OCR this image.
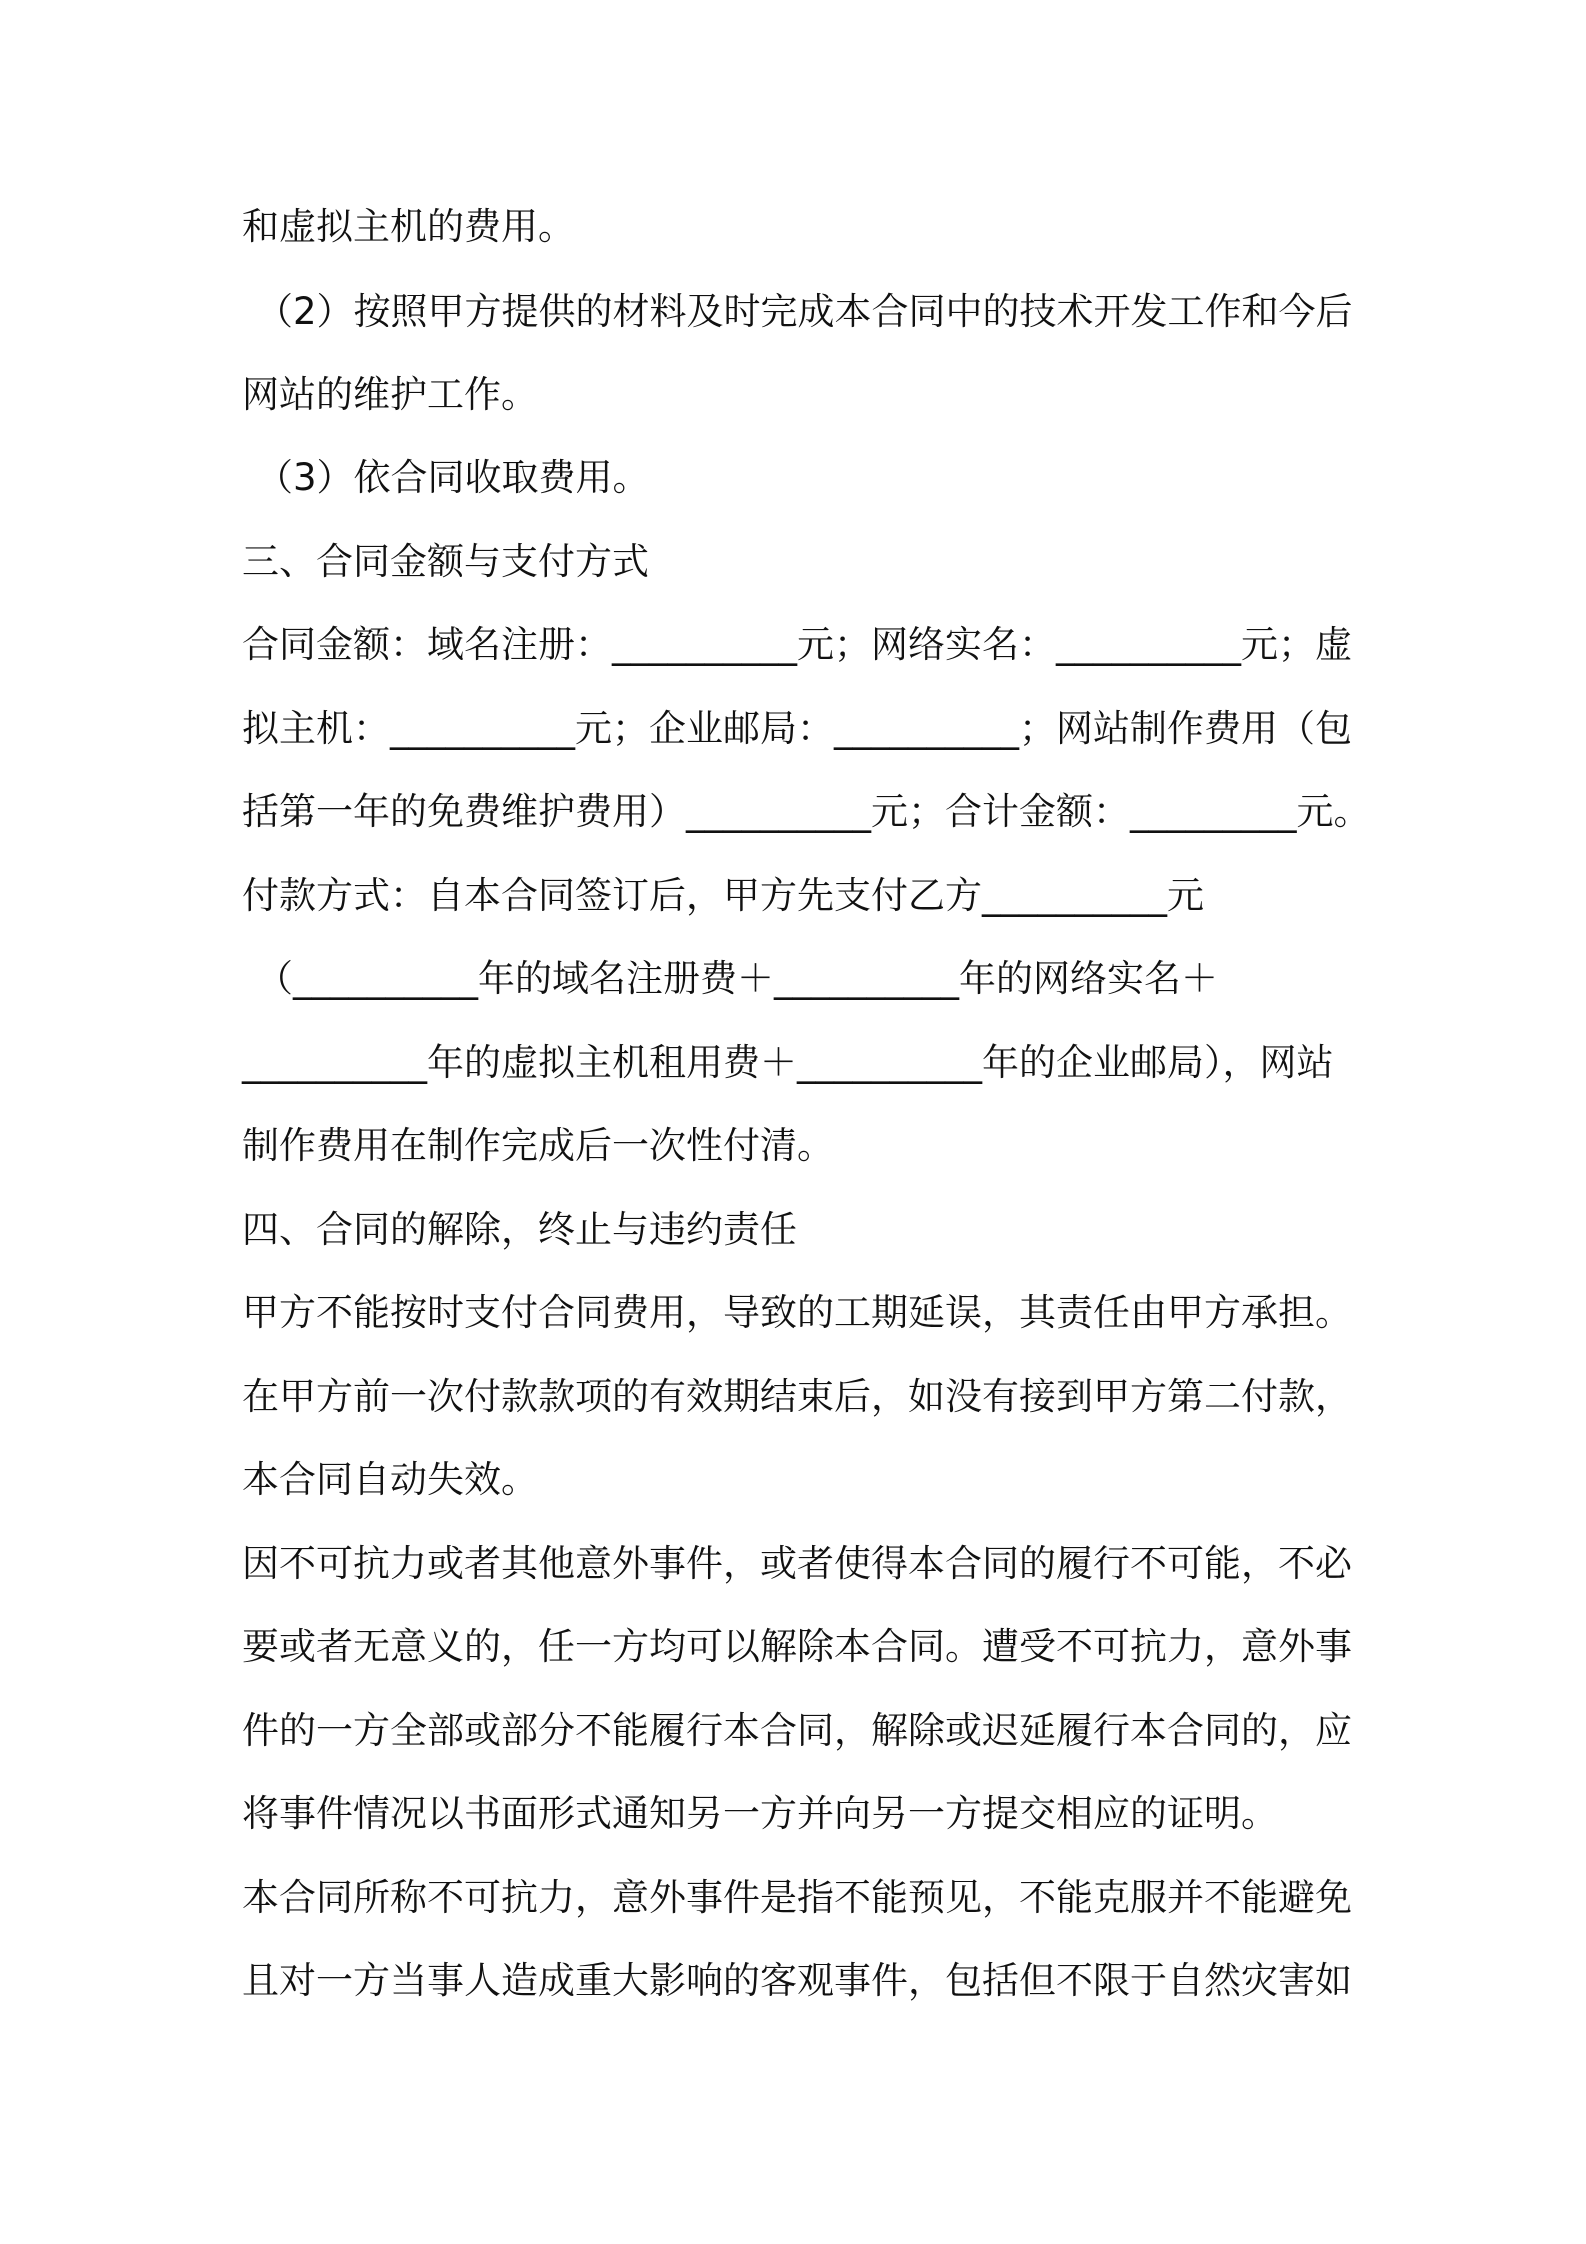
和虚拟主机的费用。
（2）按照甲方提供的材料及时完成本合同中的技术开发工作和今后
网站的维护工作。
（3）依合同收取费用。
三、合同金额与支付方式
合同金额：域名注册：__________元；网络实名：__________元；虚
拟主机：__________元；企业邮局：__________；网站制作费用（包
括第一年的免费维护费用）__________元；合计金额：_________元。
付款方式：自本合同签订后，甲方先支付乙方__________元
（__________年的域名注册费＋__________年的网络实名＋
__________年的虚拟主机租用费＋__________年的企业邮局），网站
制作费用在制作完成后一次性付清。
四、合同的解除，终止与违约责任
甲方不能按时支付合同费用，导致的工期延误，其责任由甲方承担。
在甲方前一次付款款项的有效期结束后，如没有接到甲方第二付款，
本合同自动失效。
因不可抗力或者其他意外事件，或者使得本合同的履行不可能，不必
要或者无意义的，任一方均可以解除本合同。遭受不可抗力，意外事
件的一方全部或部分不能履行本合同，解除或迟延履行本合同的，应
将事件情况以书面形式通知另一方并向另一方提交相应的证明。
本合同所称不可抗力，意外事件是指不能预见，不能克服并不能避免
且对一方当事人造成重大影响的客观事件，包括但不限于自然灾害如
